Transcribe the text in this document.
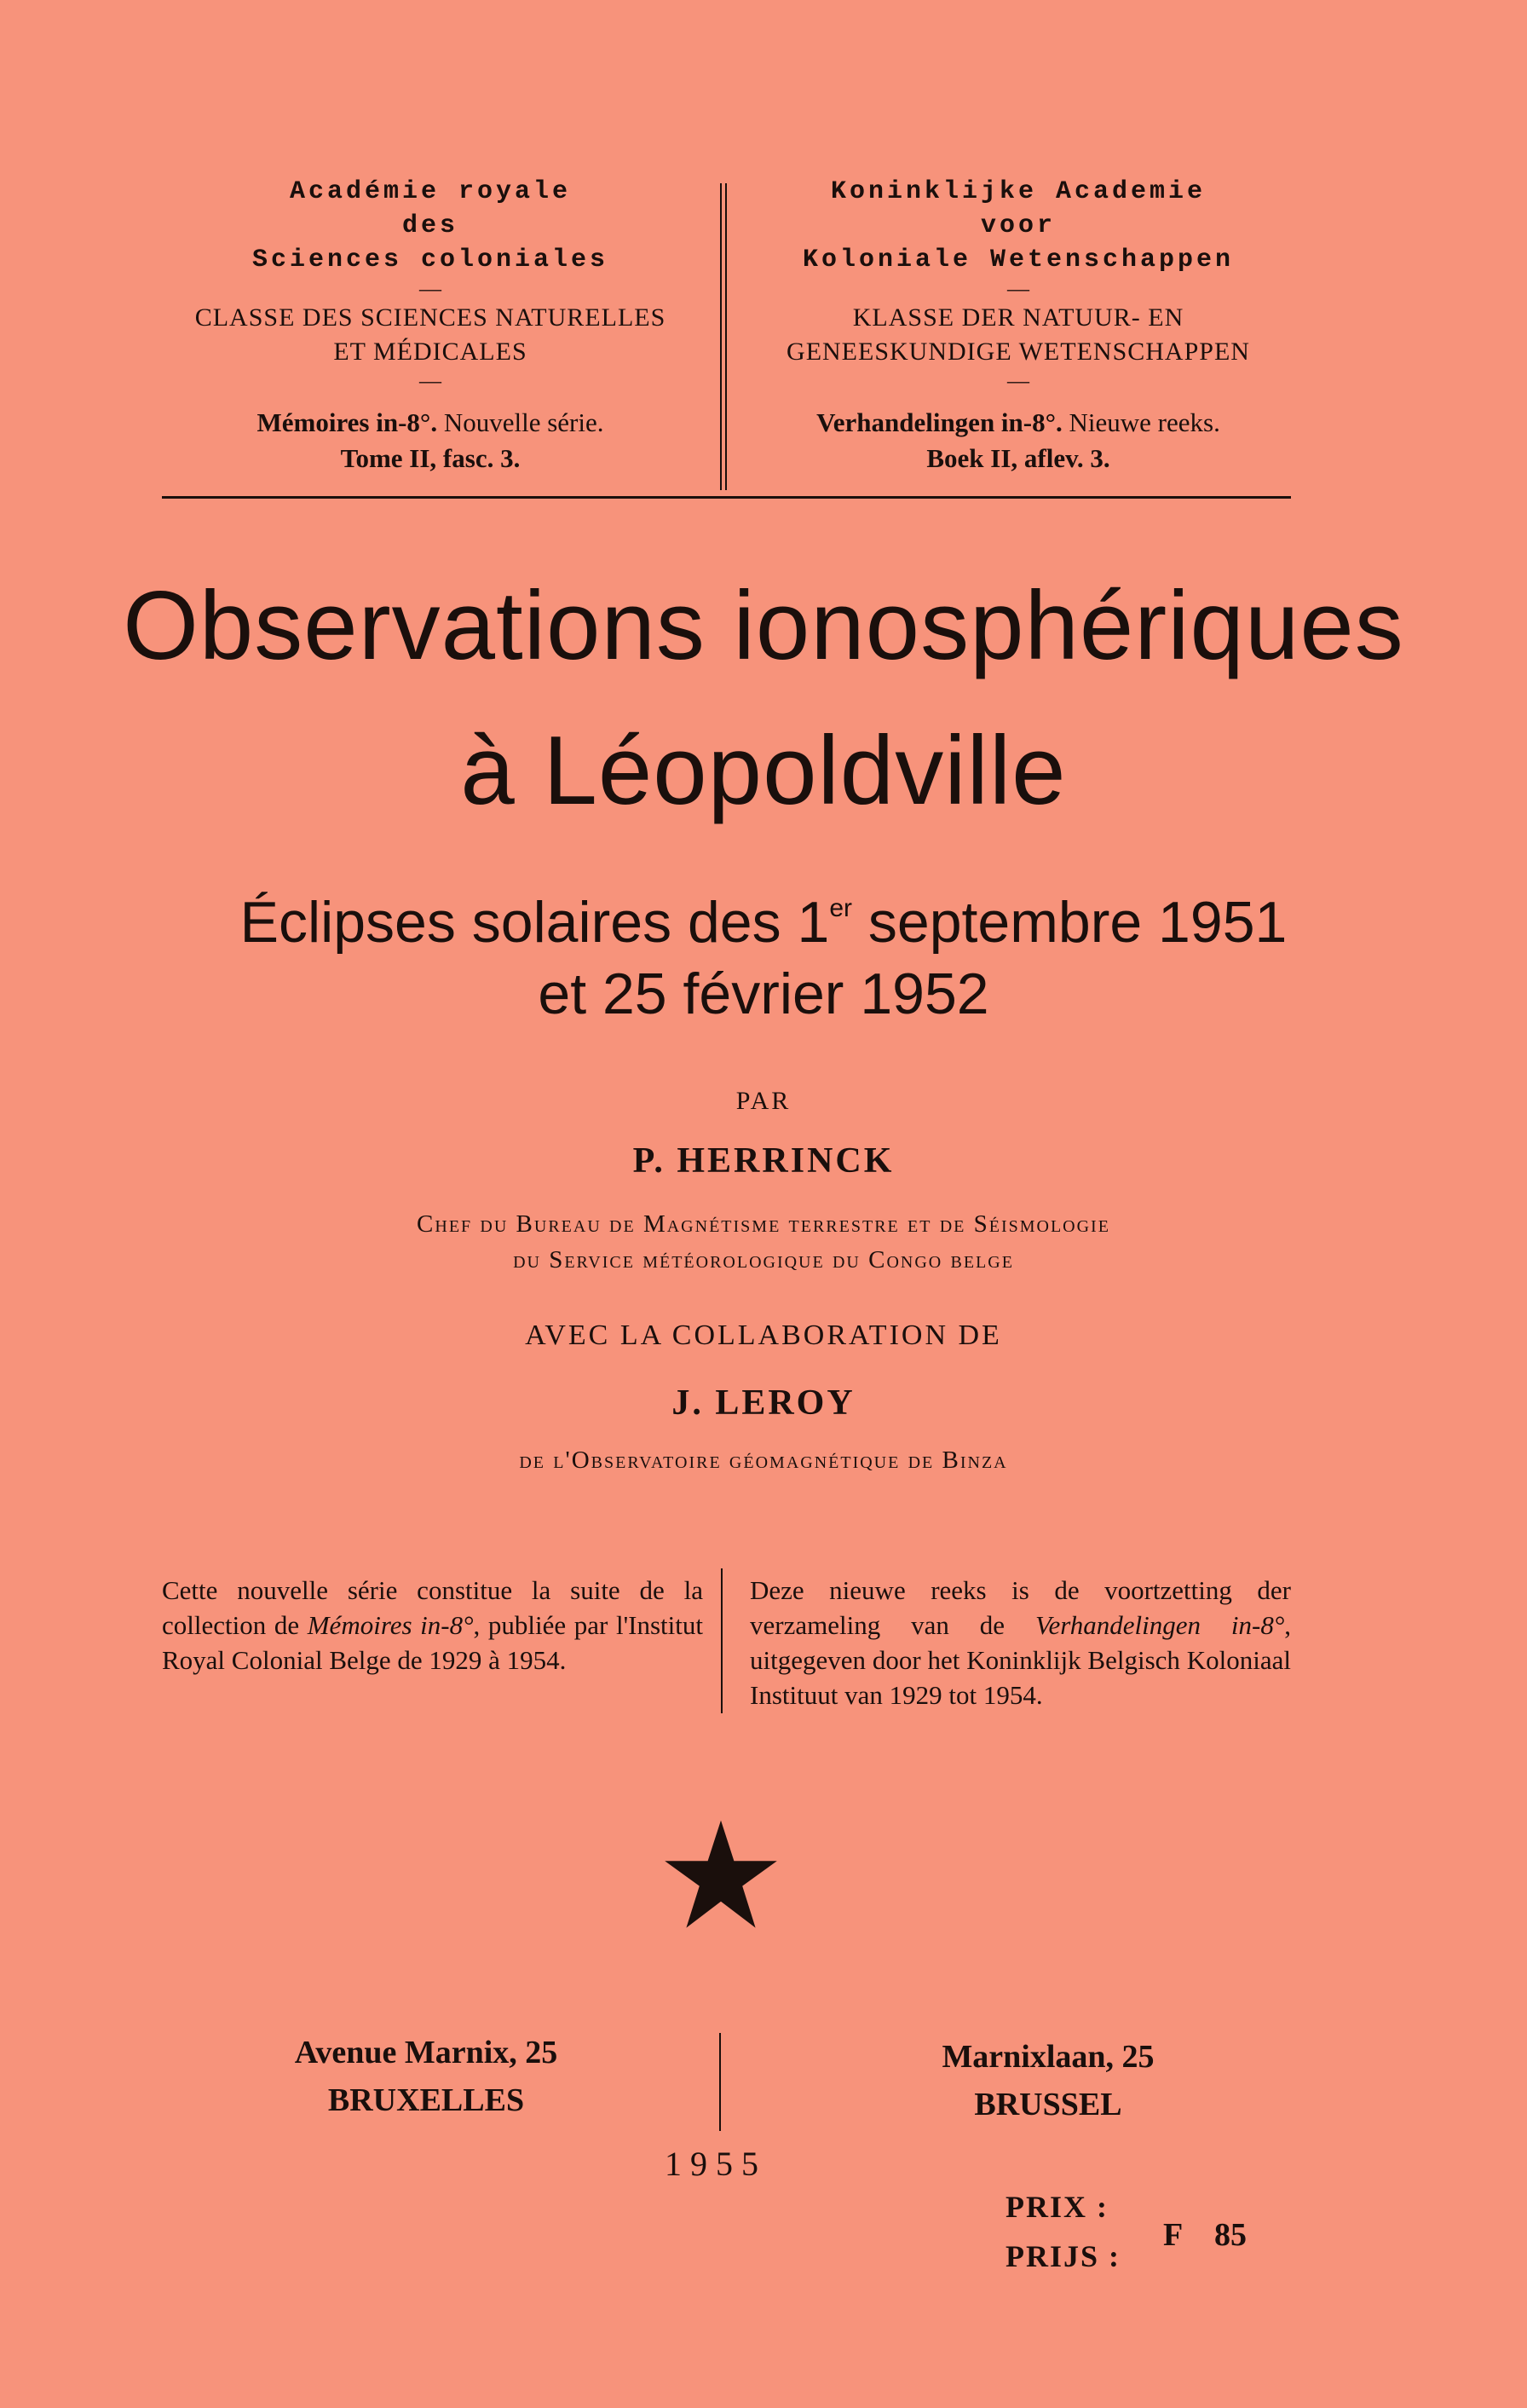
Académie royale
des
Sciences coloniales
—
CLASSE DES SCIENCES NATURELLES
ET MÉDICALES
—
Mémoires in-8°. Nouvelle série.
Tome II, fasc. 3.
Koninklijke Academie
voor
Koloniale Wetenschappen
—
KLASSE DER NATUUR- EN
GENEESKUNDIGE WETENSCHAPPEN
—
Verhandelingen in-8°. Nieuwe reeks.
Boek II, aflev. 3.
Observations ionosphériques
à Léopoldville
Éclipses solaires des 1er septembre 1951
et 25 février 1952
PAR
P. HERRINCK
Chef du Bureau de Magnétisme terrestre et de Séismologie
du Service météorologique du Congo belge
AVEC LA COLLABORATION DE
J. LEROY
de l'Observatoire géomagnétique de Binza
Cette nouvelle série constitue la suite de la collection de Mémoires in-8°, publiée par l'Institut Royal Colonial Belge de 1929 à 1954.
Deze nieuwe reeks is de voortzetting der verzameling van de Verhandelingen in-8°, uitgegeven door het Koninklijk Belgisch Koloniaal Instituut van 1929 tot 1954.
Avenue Marnix, 25
BRUXELLES
Marnixlaan, 25
BRUSSEL
1955
PRIX :
PRIJS :
F 85
